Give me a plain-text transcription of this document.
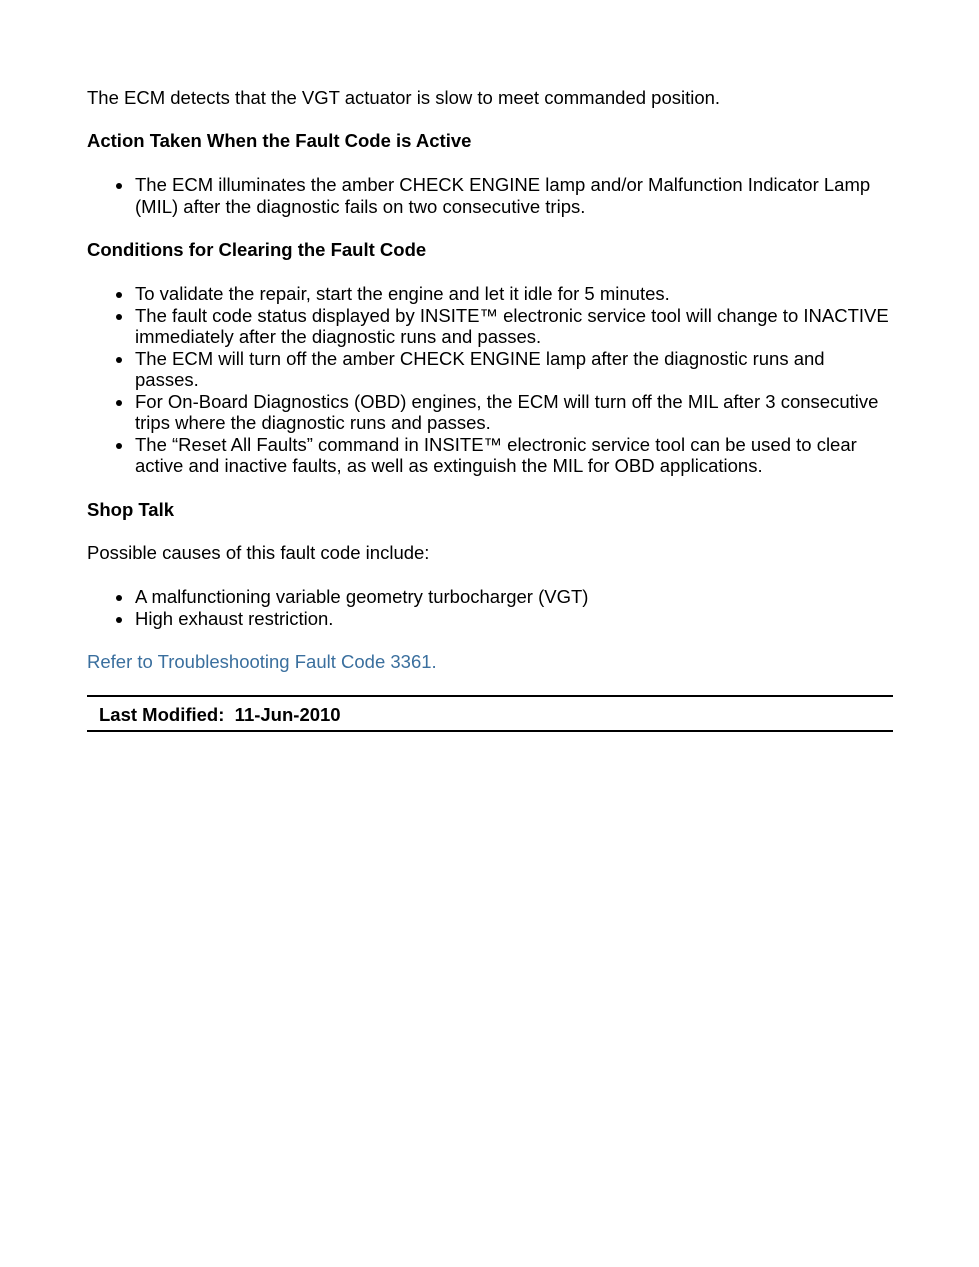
The ECM detects that the VGT actuator is slow to meet commanded position.

Action Taken When the Fault Code is Active
The ECM illuminates the amber CHECK ENGINE lamp and/or Malfunction Indicator Lamp (MIL) after the diagnostic fails on two consecutive trips.
Conditions for Clearing the Fault Code
To validate the repair, start the engine and let it idle for 5 minutes.
The fault code status displayed by INSITE™ electronic service tool will change to INACTIVE immediately after the diagnostic runs and passes.
The ECM will turn off the amber CHECK ENGINE lamp after the diagnostic runs and passes.
For On-Board Diagnostics (OBD) engines, the ECM will turn off the MIL after 3 consecutive trips where the diagnostic runs and passes.
The “Reset All Faults” command in INSITE™ electronic service tool can be used to clear active and inactive faults, as well as extinguish the MIL for OBD applications.
Shop Talk

Possible causes of this fault code include:

A malfunctioning variable geometry turbocharger (VGT)
High exhaust restriction.
Refer to Troubleshooting Fault Code 3361.
Last Modified: 11-Jun-2010
